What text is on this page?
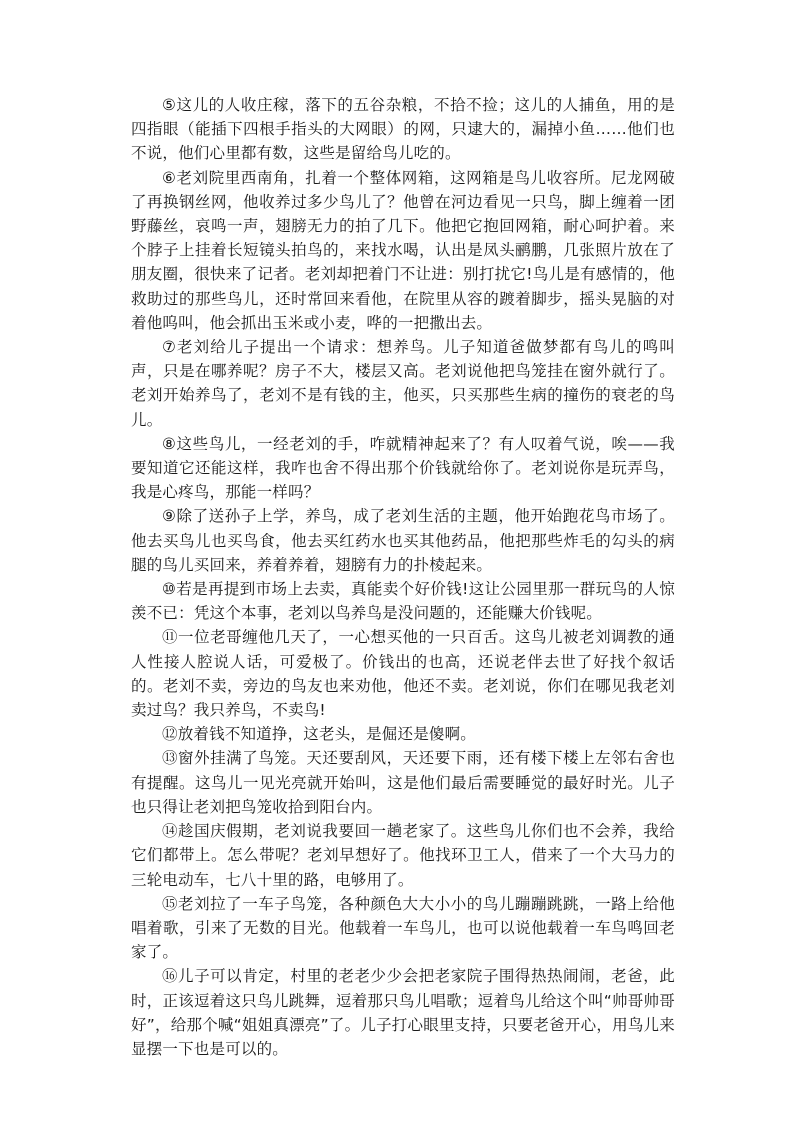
⑤这儿的人收庄稼，落下的五谷杂粮，不拾不捡；这儿的人捕鱼，用的是四指眼（能插下四根手指头的大网眼）的网，只逮大的，漏掉小鱼……他们也不说，他们心里都有数，这些是留给鸟儿吃的。

⑥老刘院里西南角，扎着一个整体网箱，这网箱是鸟儿收容所。尼龙网破了再换钢丝网，他收养过多少鸟儿了？他曾在河边看见一只鸟，脚上缠着一团野藤丝，哀鸣一声，翅膀无力的拍了几下。他把它抱回网箱，耐心呵护着。来个脖子上挂着长短镜头拍鸟的，来找水喝，认出是凤头鹂鹏，几张照片放在了朋友圈，很快来了记者。老刘却把着门不让进：别打扰它!鸟儿是有感情的，他救助过的那些鸟儿，还时常回来看他，在院里从容的踱着脚步，摇头晃脑的对着他呜叫，他会抓出玉米或小麦，哗的一把撒出去。

⑦老刘给儿子提出一个请求：想养鸟。儿子知道爸做梦都有鸟儿的鸣叫声，只是在哪养呢？房子不大，楼层又高。老刘说他把鸟笼挂在窗外就行了。老刘开始养鸟了，老刘不是有钱的主，他买，只买那些生病的撞伤的衰老的鸟儿。

⑧这些鸟儿，一经老刘的手，咋就精神起来了？有人叹着气说，唉——我要知道它还能这样，我咋也舍不得出那个价钱就给你了。老刘说你是玩弄鸟，我是心疼鸟，那能一样吗？

⑨除了送孙子上学，养鸟，成了老刘生活的主题，他开始跑花鸟市场了。他去买鸟儿也买鸟食，他去买红药水也买其他药品，他把那些炸毛的勾头的病腿的鸟儿买回来，养着养着，翅膀有力的扑棱起来。

⑩若是再提到市场上去卖，真能卖个好价钱!这让公园里那一群玩鸟的人惊羡不已：凭这个本事，老刘以鸟养鸟是没问题的，还能赚大价钱呢。

⑪一位老哥缠他几天了，一心想买他的一只百舌。这鸟儿被老刘调教的通人性接人腔说人话，可爱极了。价钱出的也高，还说老伴去世了好找个叙话的。老刘不卖，旁边的鸟友也来劝他，他还不卖。老刘说，你们在哪见我老刘卖过鸟？我只养鸟，不卖鸟!

⑫放着钱不知道挣，这老头，是倔还是傻啊。

⑬窗外挂满了鸟笼。天还要刮风，天还要下雨，还有楼下楼上左邻右舍也有提醒。这鸟儿一见光亮就开始叫，这是他们最后需要睡觉的最好时光。儿子也只得让老刘把鸟笼收拾到阳台内。

⑭趁国庆假期，老刘说我要回一趟老家了。这些鸟儿你们也不会养，我给它们都带上。怎么带呢？老刘早想好了。他找环卫工人，借来了一个大马力的三轮电动车，七八十里的路，电够用了。

⑮老刘拉了一车子鸟笼，各种颜色大大小小的鸟儿蹦蹦跳跳，一路上给他唱着歌，引来了无数的目光。他载着一车鸟儿，也可以说他载着一车鸟鸣回老家了。

⑯儿子可以肯定，村里的老老少少会把老家院子围得热热闹闹，老爸，此时，正该逗着这只鸟儿跳舞，逗着那只鸟儿唱歌；逗着鸟儿给这个叫“帅哥帅哥好”，给那个喊“姐姐真漂亮”了。儿子打心眼里支持，只要老爸开心，用鸟儿来显摆一下也是可以的。
